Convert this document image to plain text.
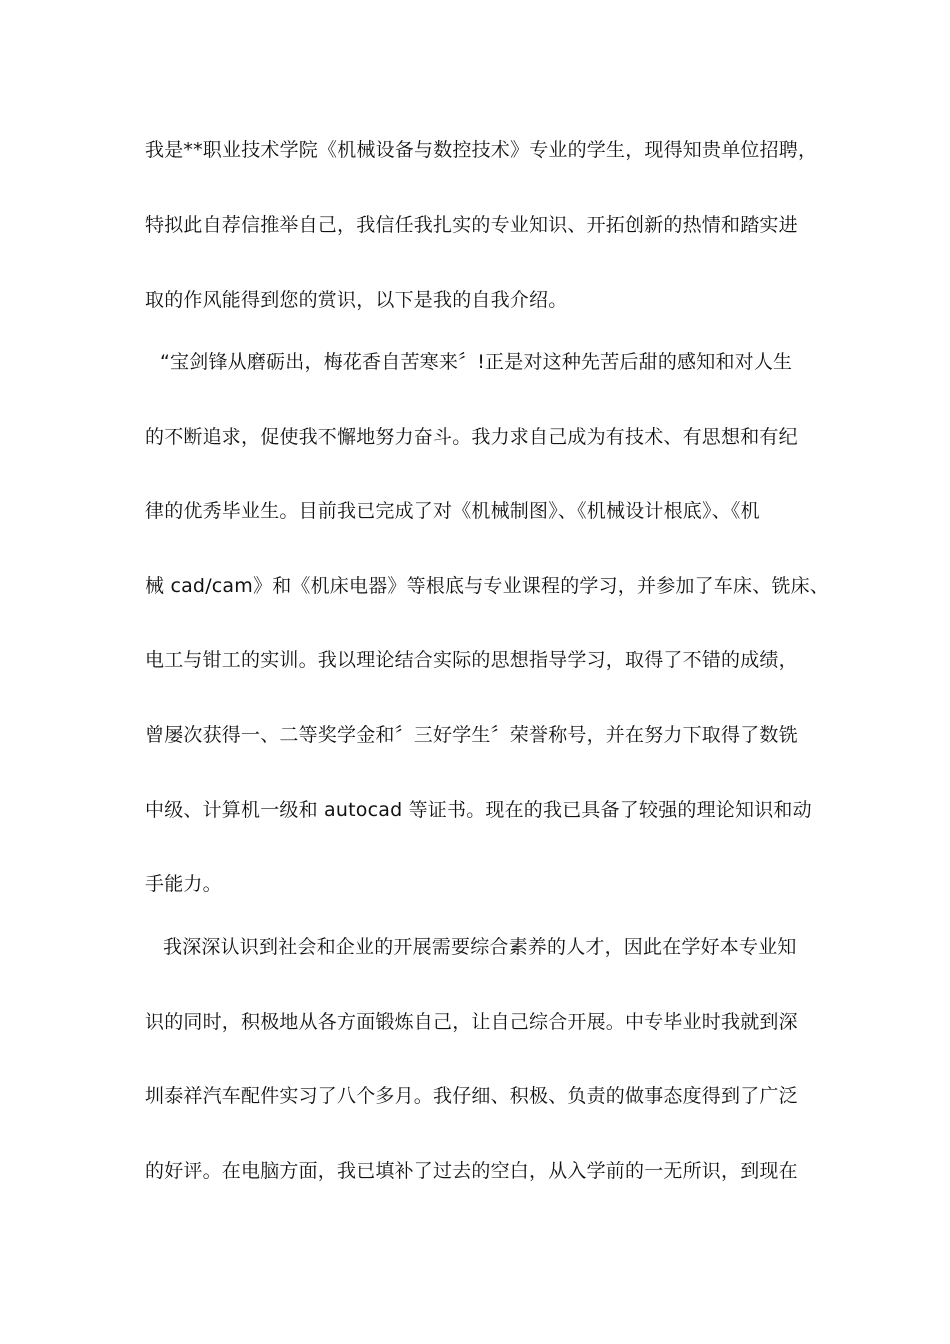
我是**职业技术学院《机械设备与数控技术》专业的学生，现得知贵单位招聘，
特拟此自荐信推举自己，我信任我扎实的专业知识、开拓创新的热情和踏实进
取的作风能得到您的赏识，以下是我的自我介绍。
“宝剑锋从磨砺出，梅花香自苦寒来〞!正是对这种先苦后甜的感知和对人生
的不断追求，促使我不懈地努力奋斗。我力求自己成为有技术、有思想和有纪
律的优秀毕业生。目前我已完成了对《机械制图》、《机械设计根底》、《机
械 cad/cam》和《机床电器》等根底与专业课程的学习，并参加了车床、铣床、
电工与钳工的实训。我以理论结合实际的思想指导学习，取得了不错的成绩，
曾屡次获得一、二等奖学金和〞三好学生〞荣誉称号，并在努力下取得了数铣
中级、计算机一级和 autocad 等证书。现在的我已具备了较强的理论知识和动
手能力。
我深深认识到社会和企业的开展需要综合素养的人才，因此在学好本专业知
识的同时，积极地从各方面锻炼自己，让自己综合开展。中专毕业时我就到深
圳泰祥汽车配件实习了八个多月。我仔细、积极、负责的做事态度得到了广泛
的好评。在电脑方面，我已填补了过去的空白，从入学前的一无所识，到现在
